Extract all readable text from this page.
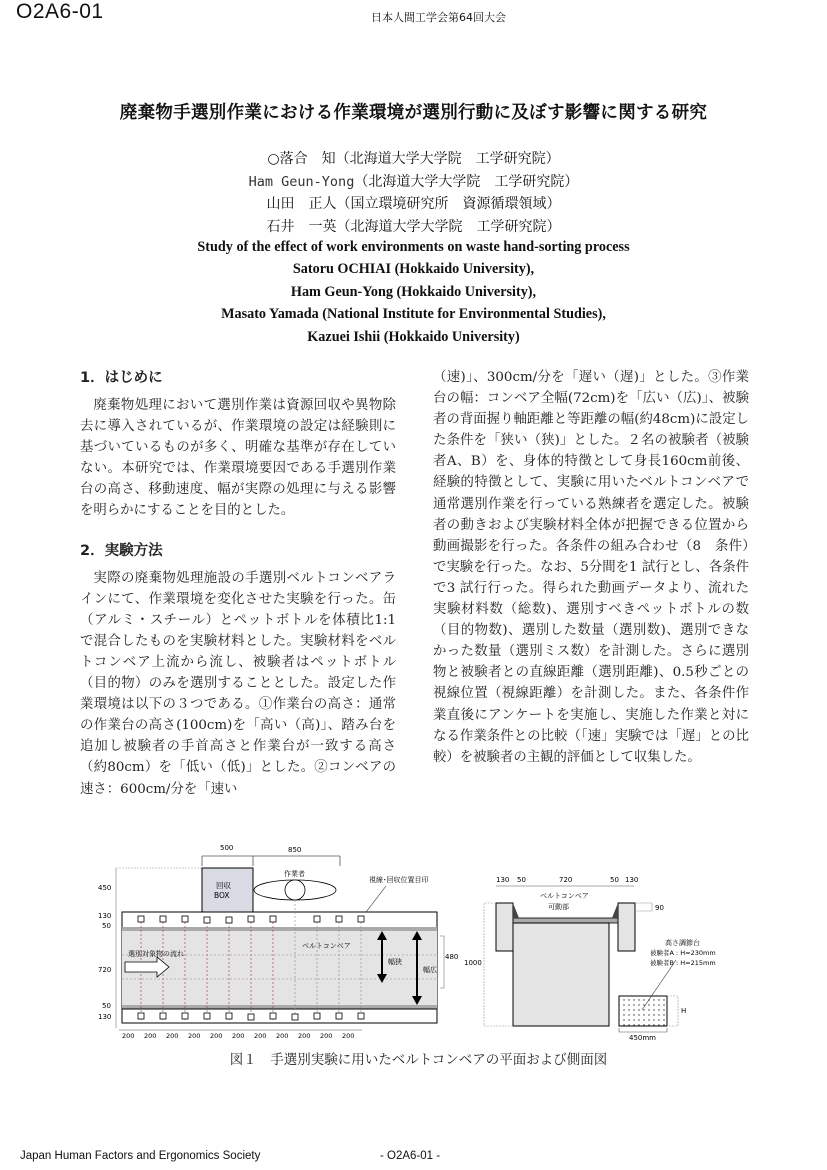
O2A6-01	日本人間工学会第64回大会
廃棄物手選別作業における作業環境が選別行動に及ぼす影響に関する研究
○落合　知（北海道大学大学院　工学研究院）
Ham Geun-Yong（北海道大学大学院　工学研究院）
山田　正人（国立環境研究所　資源循環領域）
石井　一英（北海道大学大学院　工学研究院）
Study of the effect of work environments on waste hand-sorting process
Satoru OCHIAI (Hokkaido University),
Ham Geun-Yong (Hokkaido University),
Masato Yamada (National Institute for Environmental Studies),
Kazuei Ishii (Hokkaido University)
1．はじめに

廃棄物処理において選別作業は資源回収や異物除去に導入されているが、作業環境の設定は経験則に基づいているものが多く、明確な基準が存在していない。本研究では、作業環境要因である手選別作業台の高さ、移動速度、幅が実際の処理に与える影響を明らかにすることを目的とした。

2．実験方法

実際の廃棄物処理施設の手選別ベルトコンベアラインにて、作業環境を変化させた実験を行った。缶（アルミ・スチール）とペットボトルを体積比1:1 で混合したものを実験材料とした。実験材料をベルトコンベア上流から流し、被験者はペットボトル（目的物）のみを選別することとした。設定した作業環境は以下の３つである。①作業台の高さ：通常の作業台の高さ(100cm)を「高い（高)」、踏み台を追加し被験者の手首高さと作業台が一致する高さ（約80cm）を「低い（低)」とした。②コンベアの速さ：600cm/分を「速い

（速)」、300cm/分を「遅い（遅)」とした。③作業台の幅：コンベア全幅(72cm)を「広い（広)」、被験者の背面握り軸距離と等距離の幅(約48cm)に設定した条件を「狭い（狭)」とした。２名の被験者（被験者A、B）を、身体的特徴として身長160cm前後、経験的特徴として、実験に用いたベルトコンベアで通常選別作業を行っている熟練者を選定した。被験者の動きおよび実験材料全体が把握できる位置から動画撮影を行った。各条件の組み合わせ（8　条件）で実験を行った。なお、5分間を1 試行とし、各条件で3 試行行った。得られた動画データより、流れた実験材料数（総数)、選別すべきペットボトルの数（目的物数)、選別した数量（選別数)、選別できなかった数量（選別ミス数）を計測した。さらに選別物と被験者との直線距離（選別距離)、0.5秒ごとの視線位置（視線距離）を計測した。また、各条件作業直後にアンケートを実施し、実施した作業と対になる作業条件との比較（「速」実験では「遅」との比較）を被験者の主観的評価として収集した。

500	850
450
130
50
720
50
130
回収
BOX
作業者
視線･回収位置目印
選別対象物の流れ
ベルトコンベア
幅狭
幅広
480
200 200 200 200 200 200 200 200 200 200 200
130 50	720	50 130
ベルトコンベア
可動部	90
1000
高さ調節台
被験者A : H=230mm
被験者B : H=215mm
H
450mm
図１　手選別実験に用いたベルトコンベアの平面および側面図
Japan Human Factors and Ergonomics Society	- O2A6-01 -
